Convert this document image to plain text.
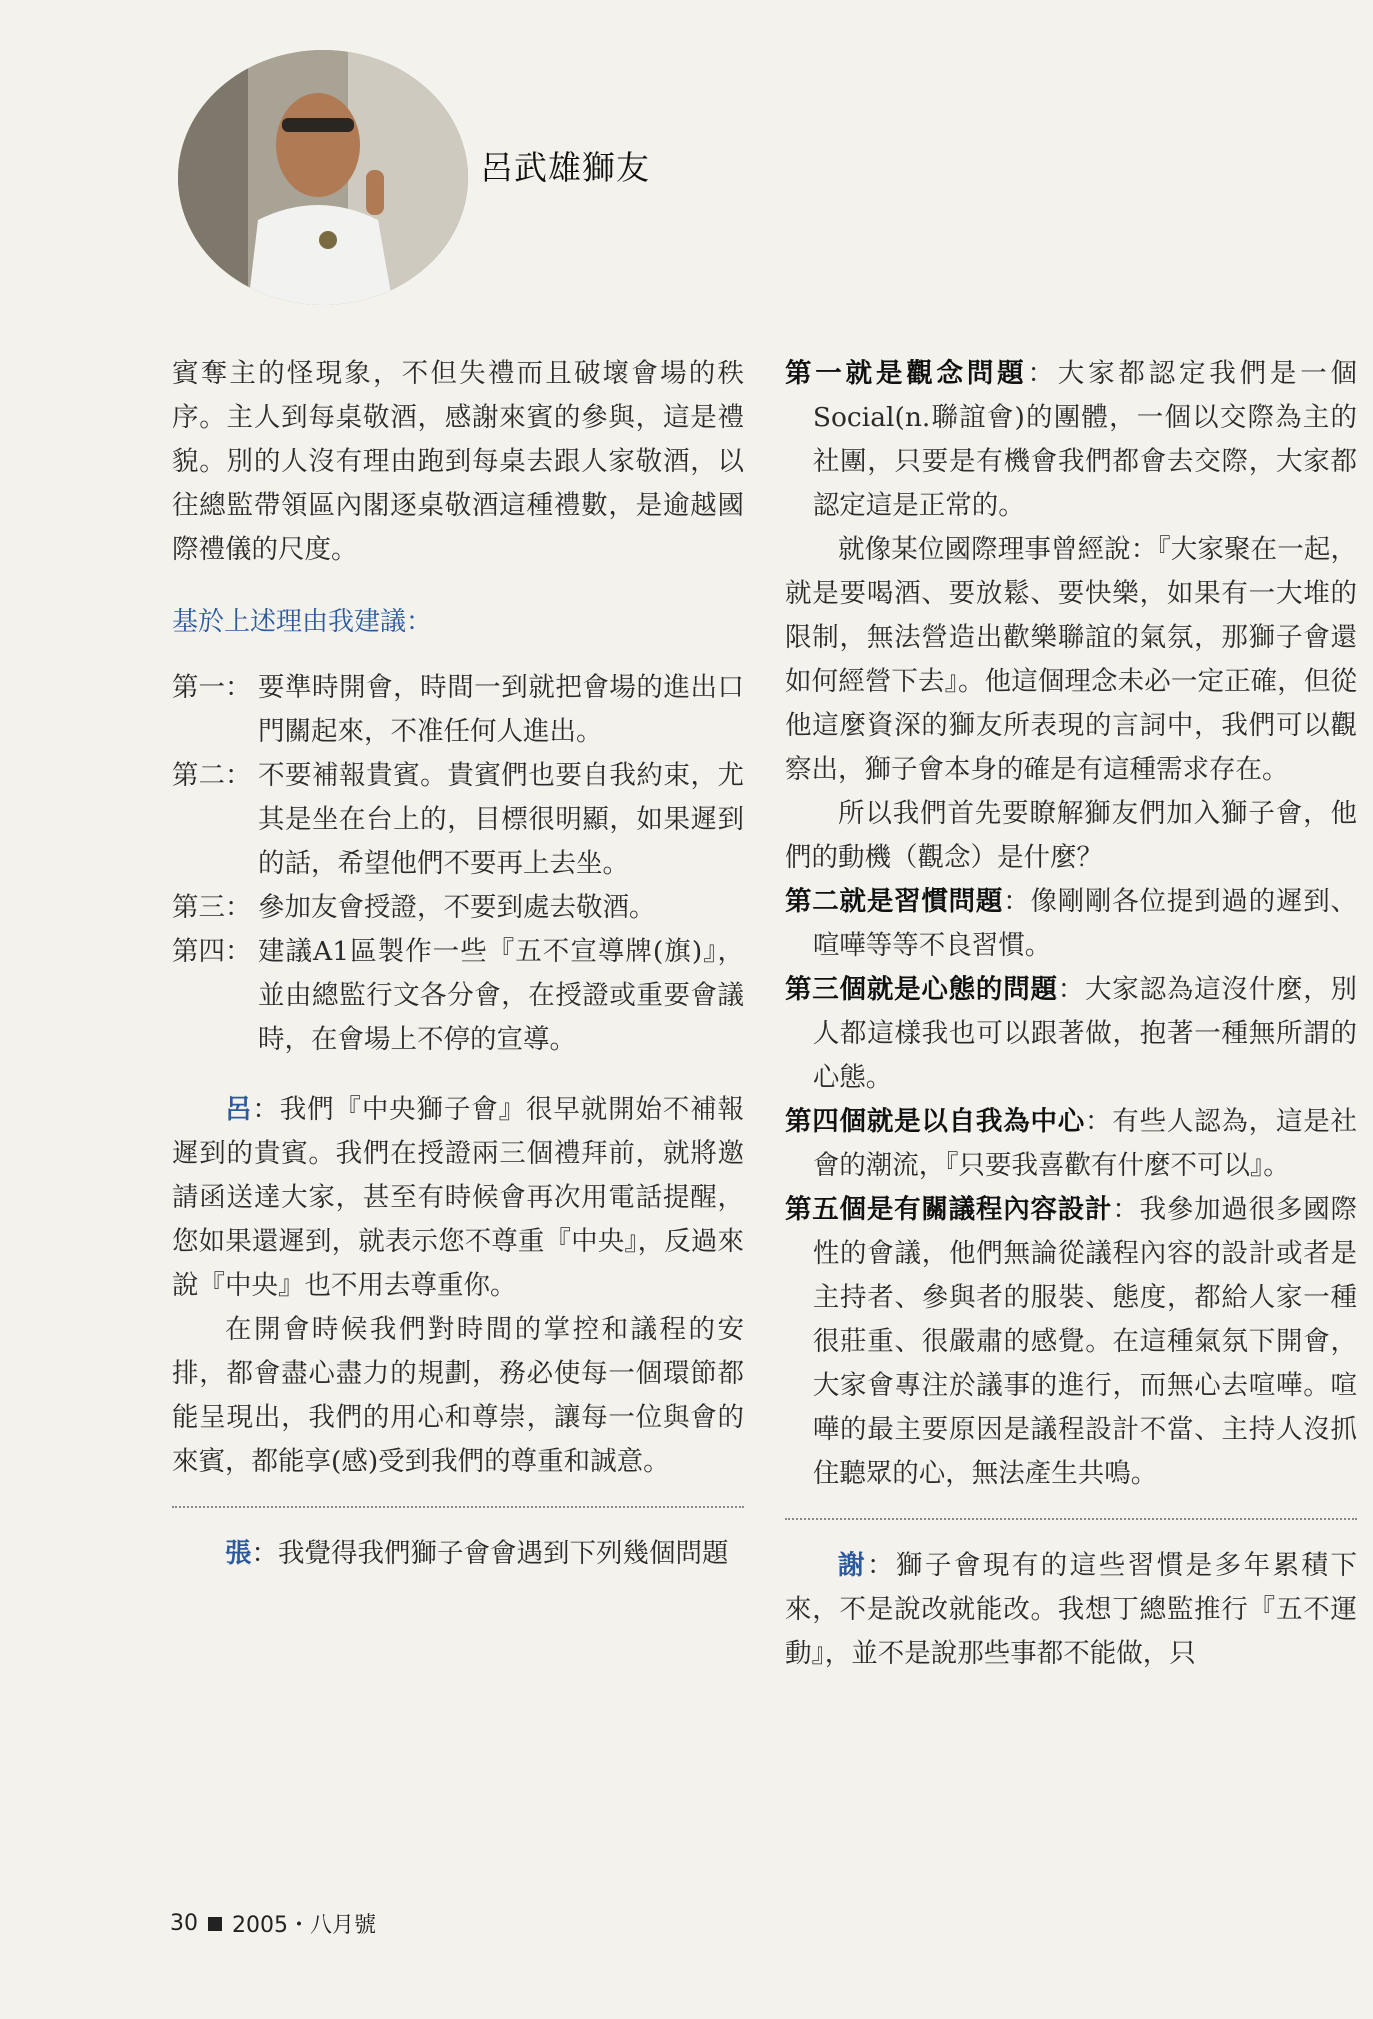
呂武雄獅友

賓奪主的怪現象，不但失禮而且破壞會場的秩序。主人到每桌敬酒，感謝來賓的參與，這是禮貌。別的人沒有理由跑到每桌去跟人家敬酒，以往總監帶領區內閣逐桌敬酒這種禮數，是逾越國際禮儀的尺度。

基於上述理由我建議：
第一： 要準時開會，時間一到就把會場的進出口門關起來，不准任何人進出。
第二： 不要補報貴賓。貴賓們也要自我約束，尤其是坐在台上的，目標很明顯，如果遲到的話，希望他們不要再上去坐。
第三： 參加友會授證，不要到處去敬酒。
第四： 建議A1區製作一些『五不宣導牌(旗)』，並由總監行文各分會，在授證或重要會議時，在會場上不停的宣導。

呂：我們『中央獅子會』很早就開始不補報遲到的貴賓。我們在授證兩三個禮拜前，就將邀請函送達大家，甚至有時候會再次用電話提醒，您如果還遲到，就表示您不尊重『中央』，反過來說『中央』也不用去尊重你。

在開會時候我們對時間的掌控和議程的安排，都會盡心盡力的規劃，務必使每一個環節都能呈現出，我們的用心和尊崇，讓每一位與會的來賓，都能享(感)受到我們的尊重和誠意。

張：我覺得我們獅子會會遇到下列幾個問題

第一就是觀念問題：大家都認定我們是一個Social(n.聯誼會)的團體，一個以交際為主的社團，只要是有機會我們都會去交際，大家都認定這是正常的。

就像某位國際理事曾經說：『大家聚在一起，就是要喝酒、要放鬆、要快樂，如果有一大堆的限制，無法營造出歡樂聯誼的氣氛，那獅子會還如何經營下去』。他這個理念未必一定正確，但從他這麼資深的獅友所表現的言詞中，我們可以觀察出，獅子會本身的確是有這種需求存在。

所以我們首先要瞭解獅友們加入獅子會，他們的動機（觀念）是什麼？

第二就是習慣問題：像剛剛各位提到過的遲到、喧嘩等等不良習慣。

第三個就是心態的問題：大家認為這沒什麼，別人都這樣我也可以跟著做，抱著一種無所謂的心態。

第四個就是以自我為中心：有些人認為，這是社會的潮流，『只要我喜歡有什麼不可以』。

第五個是有關議程內容設計：我參加過很多國際性的會議，他們無論從議程內容的設計或者是主持者、參與者的服裝、態度，都給人家一種很莊重、很嚴肅的感覺。在這種氣氛下開會，大家會專注於議事的進行，而無心去喧嘩。喧嘩的最主要原因是議程設計不當、主持人沒抓住聽眾的心，無法產生共鳴。

謝：獅子會現有的這些習慣是多年累積下來，不是說改就能改。我想丁總監推行『五不運動』，並不是說那些事都不能做，只

30 2005・八月號
